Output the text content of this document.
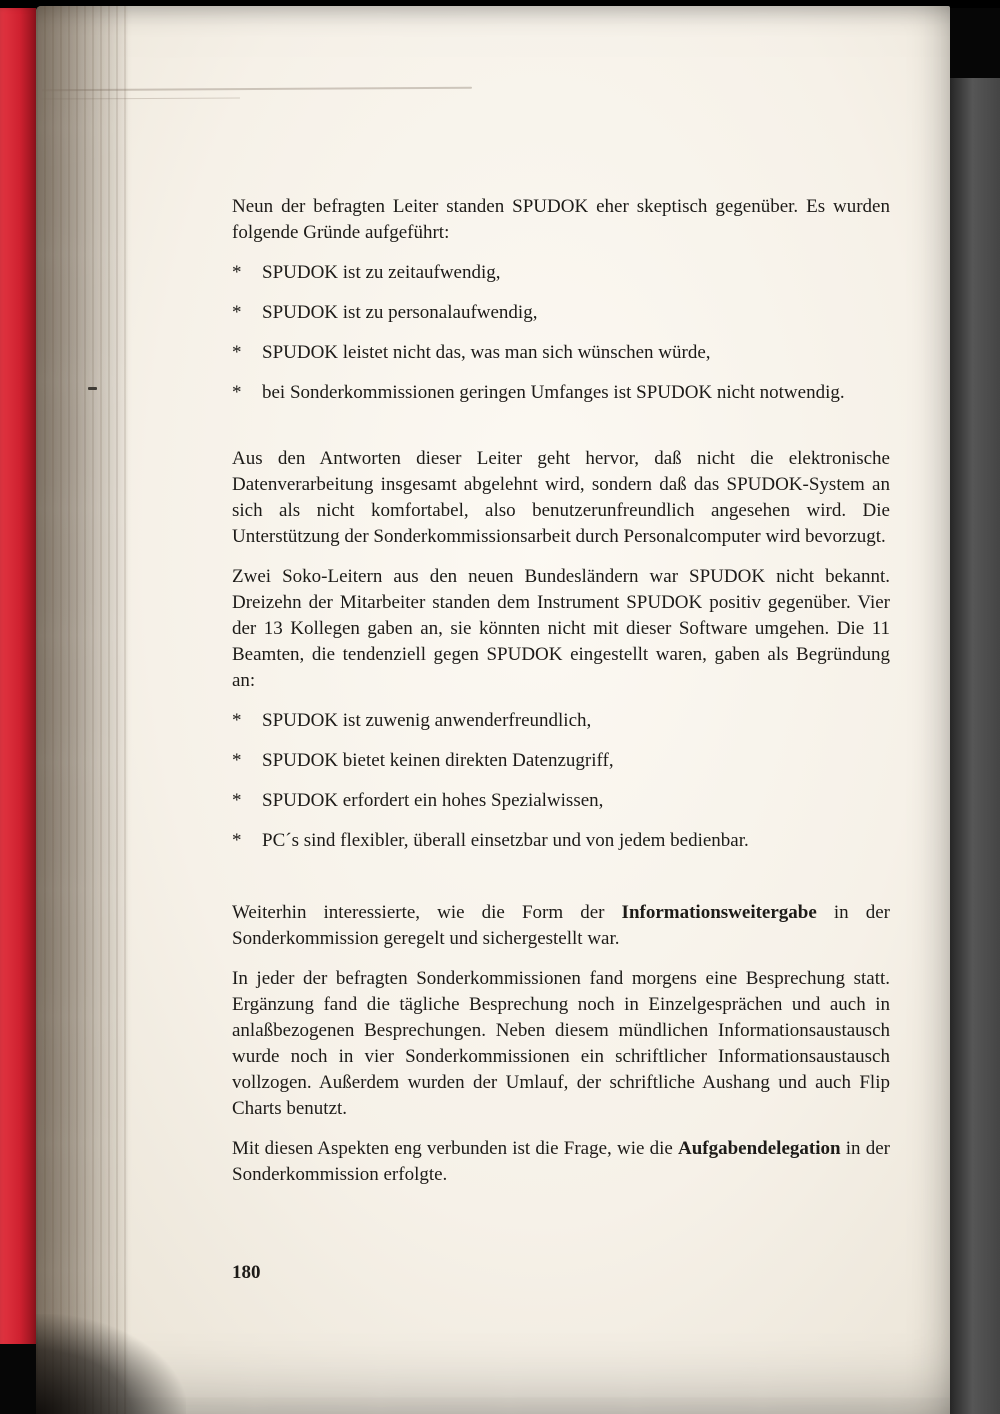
Neun der befragten Leiter standen SPUDOK eher skeptisch gegenüber. Es wurden folgende Gründe aufgeführt:

*	SPUDOK ist zu zeitaufwendig,
*	SPUDOK ist zu personalaufwendig,
*	SPUDOK leistet nicht das, was man sich wünschen würde,
*	bei Sonderkommissionen geringen Umfanges ist SPUDOK nicht notwendig.

Aus den Antworten dieser Leiter geht hervor, daß nicht die elektronische Datenverarbeitung insgesamt abgelehnt wird, sondern daß das SPUDOK-System an sich als nicht komfortabel, also benutzerunfreundlich angesehen wird. Die Unterstützung der Sonderkommissionsarbeit durch Personalcomputer wird bevorzugt.

Zwei Soko-Leitern aus den neuen Bundesländern war SPUDOK nicht bekannt. Dreizehn der Mitarbeiter standen dem Instrument SPUDOK positiv gegenüber. Vier der 13 Kollegen gaben an, sie könnten nicht mit dieser Software umgehen. Die 11 Beamten, die tendenziell gegen SPUDOK eingestellt waren, gaben als Begründung an:

*	SPUDOK ist zuwenig anwenderfreundlich,
*	SPUDOK bietet keinen direkten Datenzugriff,
*	SPUDOK erfordert ein hohes Spezialwissen,
*	PC´s sind flexibler, überall einsetzbar und von jedem bedienbar.

Weiterhin interessierte, wie die Form der Informationsweitergabe in der Sonderkommission geregelt und sichergestellt war.

In jeder der befragten Sonderkommissionen fand morgens eine Besprechung statt. Ergänzung fand die tägliche Besprechung noch in Einzelgesprächen und auch in anlaßbezogenen Besprechungen. Neben diesem mündlichen Informationsaustausch wurde noch in vier Sonderkommissionen ein schriftlicher Informationsaustausch vollzogen. Außerdem wurden der Umlauf, der schriftliche Aushang und auch Flip Charts benutzt.

Mit diesen Aspekten eng verbunden ist die Frage, wie die Aufgabendelegation in der Sonderkommission erfolgte.

180
